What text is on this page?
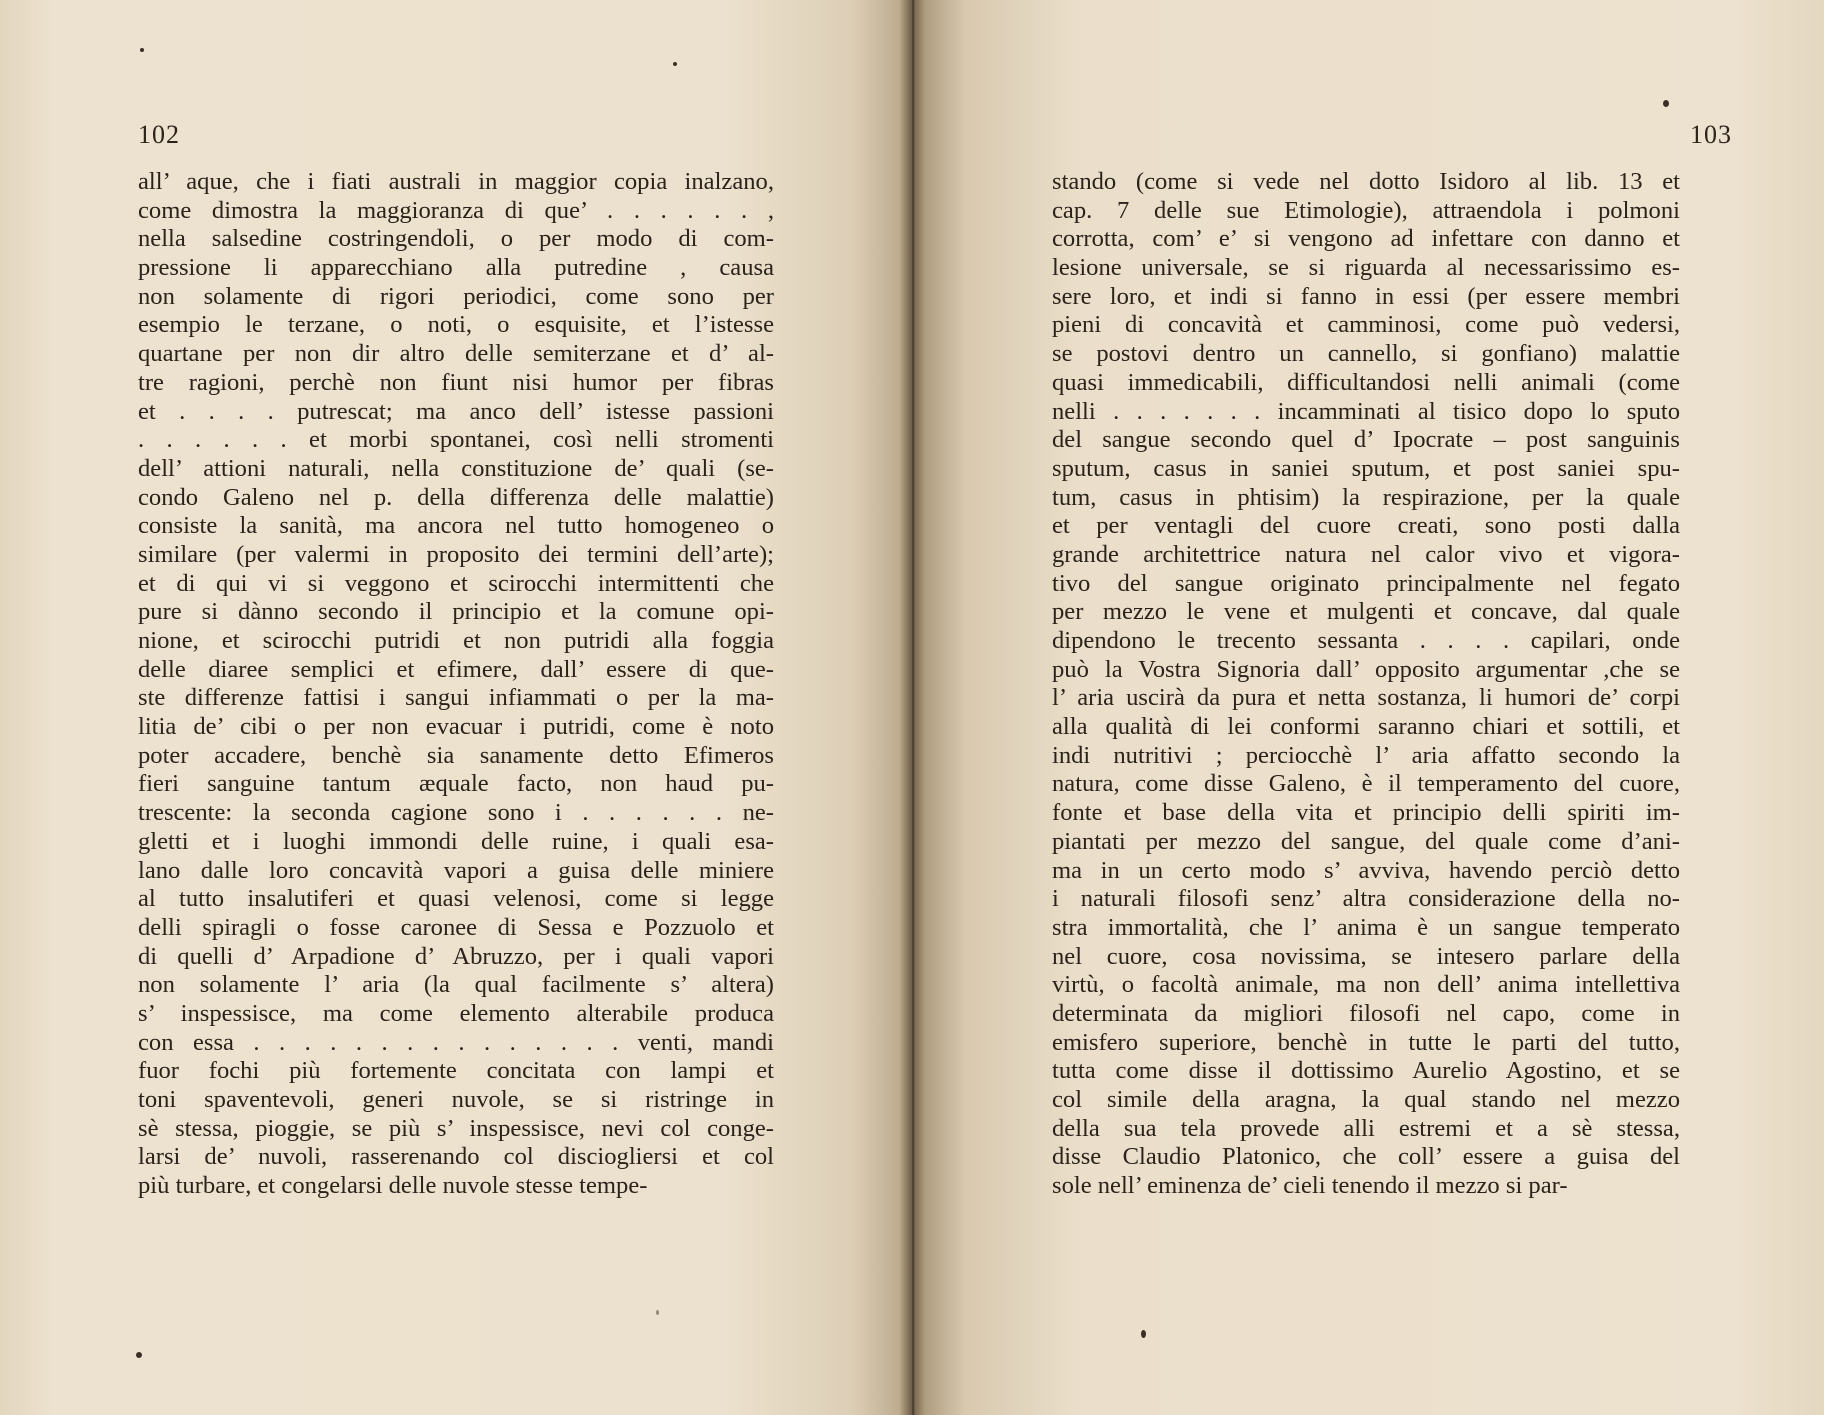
102
all’ aque, che i fiati australi in maggior copia inalzano,
come dimostra la maggioranza di que’ . . . . . . ,
nella salsedine costringendoli, o per modo di com-
pressione li apparecchiano alla putredine , causa
non solamente di rigori periodici, come sono per
esempio le terzane, o noti, o esquisite, et l’istesse
quartane per non dir altro delle semiterzane et d’ al-
tre ragioni, perchè non fiunt nisi humor per fibras
et . . . . putrescat; ma anco dell’ istesse passioni
. . . . . . et morbi spontanei, così nelli stromenti
dell’ attioni naturali, nella constituzione de’ quali (se-
condo Galeno nel p. della differenza delle malattie)
consiste la sanità, ma ancora nel tutto homogeneo o
similare (per valermi in proposito dei termini dell’arte);
et di qui vi si veggono et scirocchi intermittenti che
pure si dànno secondo il principio et la comune opi-
nione, et scirocchi putridi et non putridi alla foggia
delle diaree semplici et efimere, dall’ essere di que-
ste differenze fattisi i sangui infiammati o per la ma-
litia de’ cibi o per non evacuar i putridi, come è noto
poter accadere, benchè sia sanamente detto Efimeros
fieri sanguine tantum æquale facto, non haud pu-
trescente: la seconda cagione sono i . . . . . . ne-
gletti et i luoghi immondi delle ruine, i quali esa-
lano dalle loro concavità vapori a guisa delle miniere
al tutto insalutiferi et quasi velenosi, come si legge
delli spiragli o fosse caronee di Sessa e Pozzuolo et
di quelli d’ Arpadione d’ Abruzzo, per i quali vapori
non solamente l’ aria (la qual facilmente s’ altera)
s’ inspessisce, ma come elemento alterabile produca
con essa . . . . . . . . . . . . . . . venti, mandi
fuor fochi più fortemente concitata con lampi et
toni spaventevoli, generi nuvole, se si ristringe in
sè stessa, pioggie, se più s’ inspessisce, nevi col conge-
larsi de’ nuvoli, rasserenando col disciogliersi et col
più turbare, et congelarsi delle nuvole stesse tempe-
103
stando (come si vede nel dotto Isidoro al lib. 13 et
cap. 7 delle sue Etimologie), attraendola i polmoni
corrotta, com’ e’ si vengono ad infettare con danno et
lesione universale, se si riguarda al necessarissimo es-
sere loro, et indi si fanno in essi (per essere membri
pieni di concavità et camminosi, come può vedersi,
se postovi dentro un cannello, si gonfiano) malattie
quasi immedicabili, difficultandosi nelli animali (come
nelli . . . . . . . incamminati al tisico dopo lo sputo
del sangue secondo quel d’ Ipocrate – post sanguinis
sputum, casus in saniei sputum, et post saniei spu-
tum, casus in phtisim) la respirazione, per la quale
et per ventagli del cuore creati, sono posti dalla
grande architettrice natura nel calor vivo et vigora-
tivo del sangue originato principalmente nel fegato
per mezzo le vene et mulgenti et concave, dal quale
dipendono le trecento sessanta . . . . capilari, onde
può la Vostra Signoria dall’ opposito argumentar ,che se
l’ aria uscirà da pura et netta sostanza, li humori de’ corpi
alla qualità di lei conformi saranno chiari et sottili, et
indi nutritivi ; perciocchè l’ aria affatto secondo la
natura, come disse Galeno, è il temperamento del cuore,
fonte et base della vita et principio delli spiriti im-
piantati per mezzo del sangue, del quale come d’ani-
ma in un certo modo s’ avviva, havendo perciò detto
i naturali filosofi senz’ altra considerazione della no-
stra immortalità, che l’ anima è un sangue temperato
nel cuore, cosa novissima, se intesero parlare della
virtù, o facoltà animale, ma non dell’ anima intellettiva
determinata da migliori filosofi nel capo, come in
emisfero superiore, benchè in tutte le parti del tutto,
tutta come disse il dottissimo Aurelio Agostino, et se
col simile della aragna, la qual stando nel mezzo
della sua tela provede alli estremi et a sè stessa,
disse Claudio Platonico, che coll’ essere a guisa del
sole nell’ eminenza de’ cieli tenendo il mezzo si par-
